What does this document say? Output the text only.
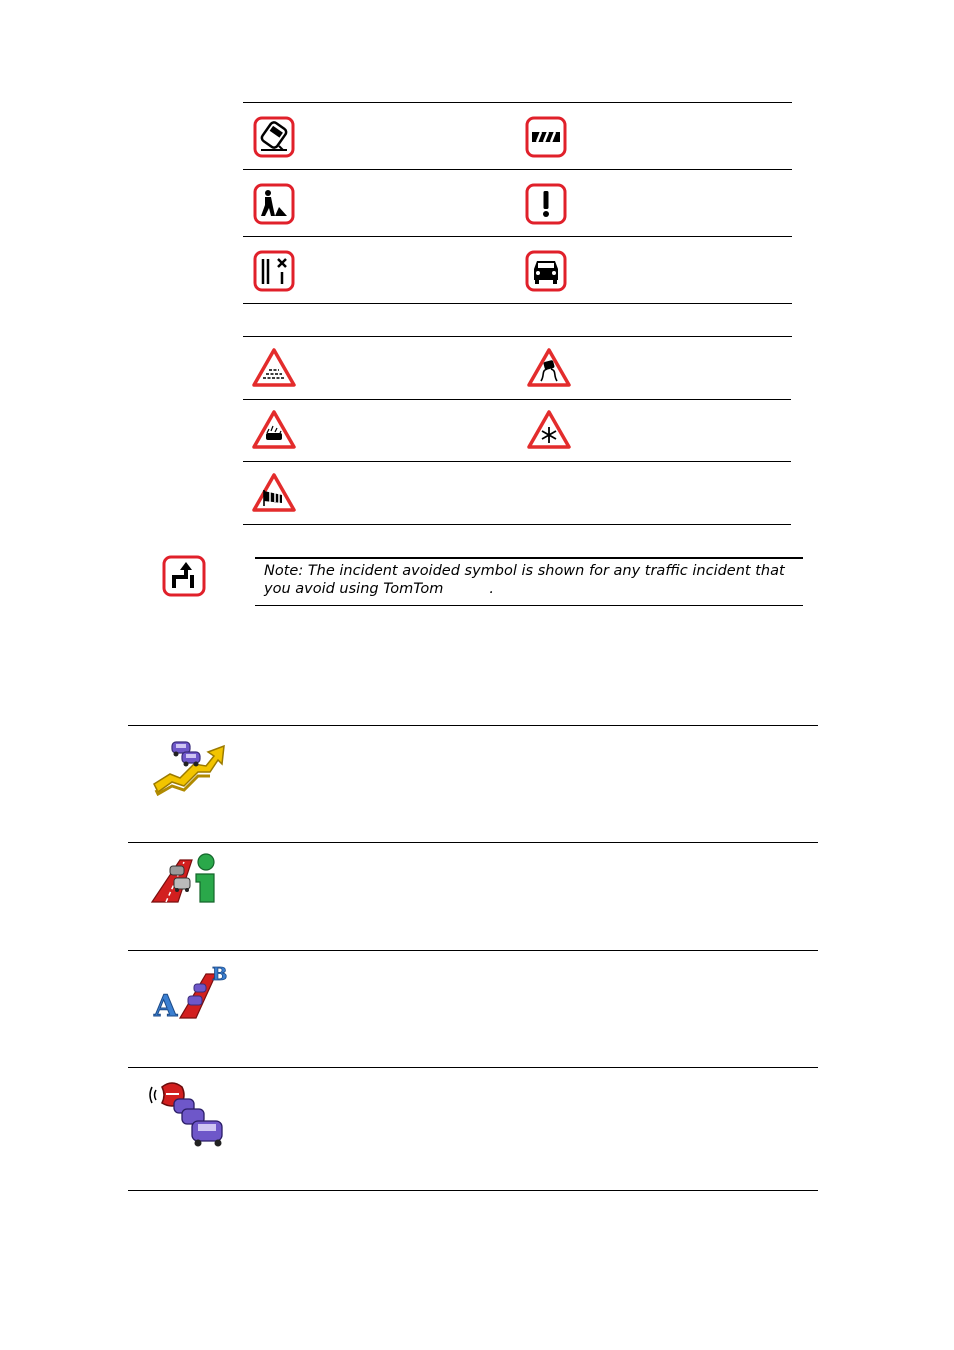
Note: The incident avoided symbol is shown for any traffic incident that
you avoid using TomTom          .
A
B
